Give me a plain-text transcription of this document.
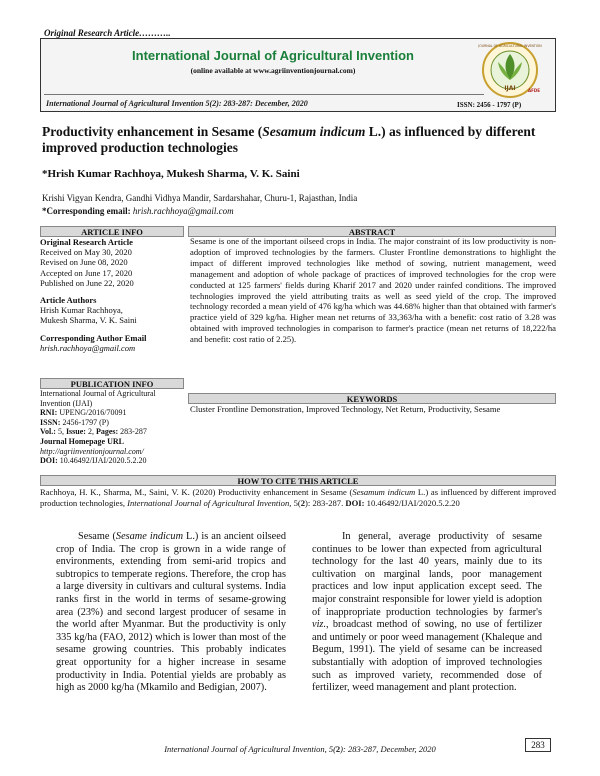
Original Research Article………..
International Journal of Agricultural Invention
(online available at www.agriinventionjournal.com)
International Journal of Agricultural Invention 5(2): 283-287: December, 2020	ISSN: 2456 - 1797 (P)
IJAI
JOURNAL OF AGRICULTURAL INVENTION
AFDE
Productivity enhancement in Sesame (Sesamum indicum L.) as influenced by different improved production technologies
*Hrish Kumar Rachhoya, Mukesh Sharma, V. K. Saini
Krishi Vigyan Kendra, Gandhi Vidhya Mandir, Sardarshahar, Churu-1, Rajasthan, India
*Corresponding email: hrish.rachhoya@gmail.com
ARTICLE INFO
Original Research Article
Received on May 30, 2020
Revised on June 08, 2020
Accepted on June 17, 2020
Published on June 22, 2020
Article Authors
Hrish Kumar Rachhoya,
Mukesh Sharma, V. K. Saini
Corresponding Author Email
hrish.rachhoya@gmail.com
PUBLICATION INFO
International Journal of Agricultural
Invention (IJAI)
RNI: UPENG/2016/70091
ISSN: 2456-1797 (P)
Vol.: 5, Issue: 2, Pages: 283-287
Journal Homepage URL
http://agriinventionjournal.com/
DOI: 10.46492/IJAI/2020.5.2.20
ABSTRACT
Sesame is one of the important oilseed crops in India. The major constraint of its low productivity is non-adoption of improved technologies by the farmers. Cluster Frontline demonstrations to highlight the impact of different improved technologies like method of sowing, nutrient management, weed management and adoption of whole package of practices of improved technologies for the crop were conducted at 125 farmers' fields during Kharif 2017 and 2020 under rainfed conditions. The improved technologies improved the yield attributing traits as well as seed yield of the crop. The improved technology recorded a mean yield of 476 kg/ha which was 44.68% higher than that obtained with farmer's practice yield of 329 kg/ha. Higher mean net returns of 33,363/ha with a benefit: cost ratio of 3.28 was obtained with improved technologies in comparison to farmer's practice (mean net returns of 18,222/ha and benefit: cost ratio of 2.25).
KEYWORDS
Cluster Frontline Demonstration, Improved Technology, Net Return, Productivity, Sesame
HOW TO CITE THIS ARTICLE
Rachhoya, H. K., Sharma, M., Saini, V. K. (2020) Productivity enhancement in Sesame (Sesamum indicum L.) as influenced by different improved production technologies, International Journal of Agricultural Invention, 5(2): 283-287. DOI: 10.46492/IJAI/2020.5.2.20
Sesame (Sesame indicum L.) is an ancient oilseed crop of India. The crop is grown in a wide range of environments, extending from semi-arid tropics and subtropics to temperate regions. Therefore, the crop has a large diversity in cultivars and cultural systems. India ranks first in the world in terms of sesame-growing area (23%) and second largest producer of sesame in the world after Myanmar. But the productivity is only 335 kg/ha (FAO, 2012) which is lower than most of the sesame growing countries. This probably indicates great opportunity for a higher increase in sesame productivity in India. Potential yields are probably as high as 2000 kg/ha (Mkamilo and Bedigian, 2007).
In general, average productivity of sesame continues to be lower than expected from agricultural technology for the last 40 years, mainly due to its cultivation on marginal lands, poor management practices and low input application except seed. The major constraint responsible for lower yield is adoption of inappropriate production technologies by farmer's viz., broadcast method of sowing, no use of fertilizer and untimely or poor weed management (Khaleque and Begum, 1991). The yield of sesame can be increased substantially with adoption of improved technologies such as improved variety, recommended dose of fertilizer, weed management and plant protection.
International Journal of Agricultural Invention, 5(2): 283-287, December, 2020	283
